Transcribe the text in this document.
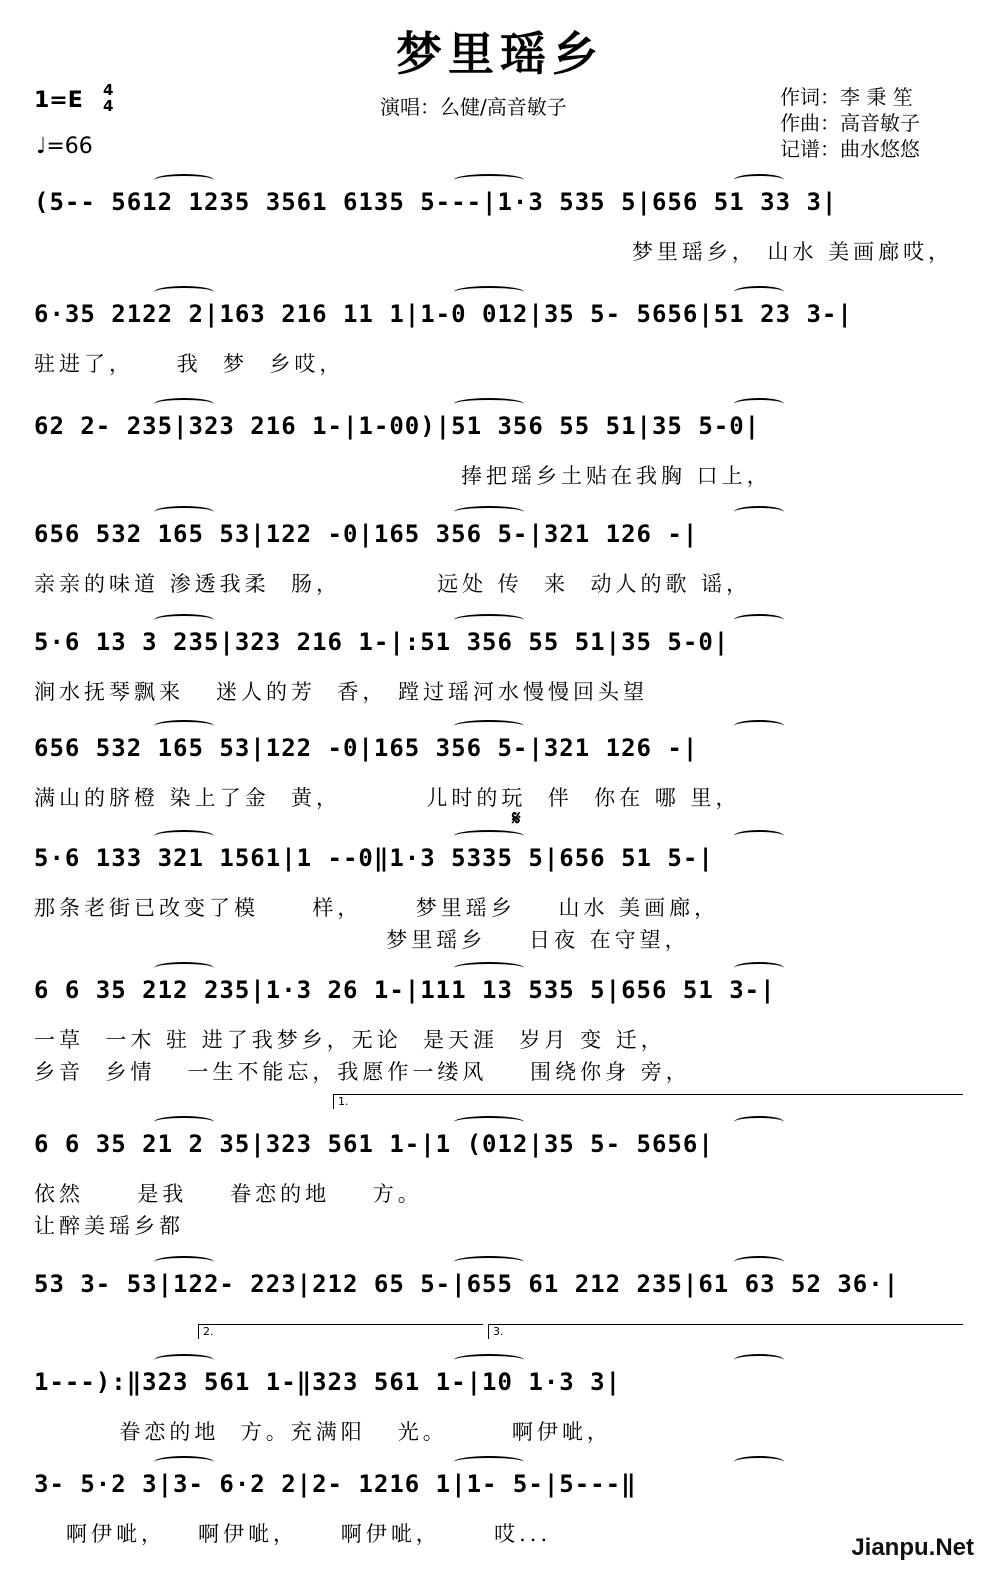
梦里瑶乡
1=E 4
4
♩=66
演唱：么健/高音敏子	作词：李 秉 笙
作曲：高音敏子
记谱：曲水悠悠
𝄋
1.
2.	3.
(5-- 5612 1235 3561 6135 5---|1·3 535 5|656 51 33 3|
梦里瑶乡， 山水 美画廊哎，
6·35 2122 2|163 216 11 1|1-0 012|35 5- 5656|51 23 3-|
驻进了，    我  梦  乡哎，
62 2- 235|323 216 1-|1-00)|51 356 55 51|35 5-0|
捧把瑶乡土贴在我胸 口上，
656 532 165 53|122 -0|165 356 5-|321 126 -|
亲亲的味道 渗透我柔  肠，         远处 传  来  动人的歌 谣，
5·6 13 3 235|323 216 1-|:51 356 55 51|35 5-0|
涧水抚琴飘来   迷人的芳  香， 蹚过瑶河水慢慢回头望
656 532 165 53|122 -0|165 356 5-|321 126 -|
满山的脐橙 染上了金  黄，        儿时的玩  伴  你在 哪 里，
5·6 133 321 1561|1 --0‖1·3 5335 5|656 51 5-|
那条老街已改变了模     样，     梦里瑶乡    山水 美画廊，
梦里瑶乡    日夜 在守望，
6 6 35 212 235|1·3 26 1-|111 13 535 5|656 51 3-|
一草  一木 驻 进了我梦乡，无论  是天涯  岁月 变 迁，
乡音  乡情   一生不能忘，我愿作一缕风    围绕你身 旁，
6 6 35 21 2 35|323 561 1-|1 (012|35 5- 5656|
依然     是我    眷恋的地    方。
让醉美瑶乡都
53 3- 53|122- 223|212 65 5-|655 61 212 235|61 63 52 36·|
1---):‖323 561 1-‖323 561 1-|10 1·3 3|
眷恋的地  方。充满阳   光。      啊伊呲，
3- 5·2 3|3- 6·2 2|2- 1216 1|1- 5-|5---‖
啊伊呲，   啊伊呲，    啊伊呲，     哎...	Jianpu.Net
